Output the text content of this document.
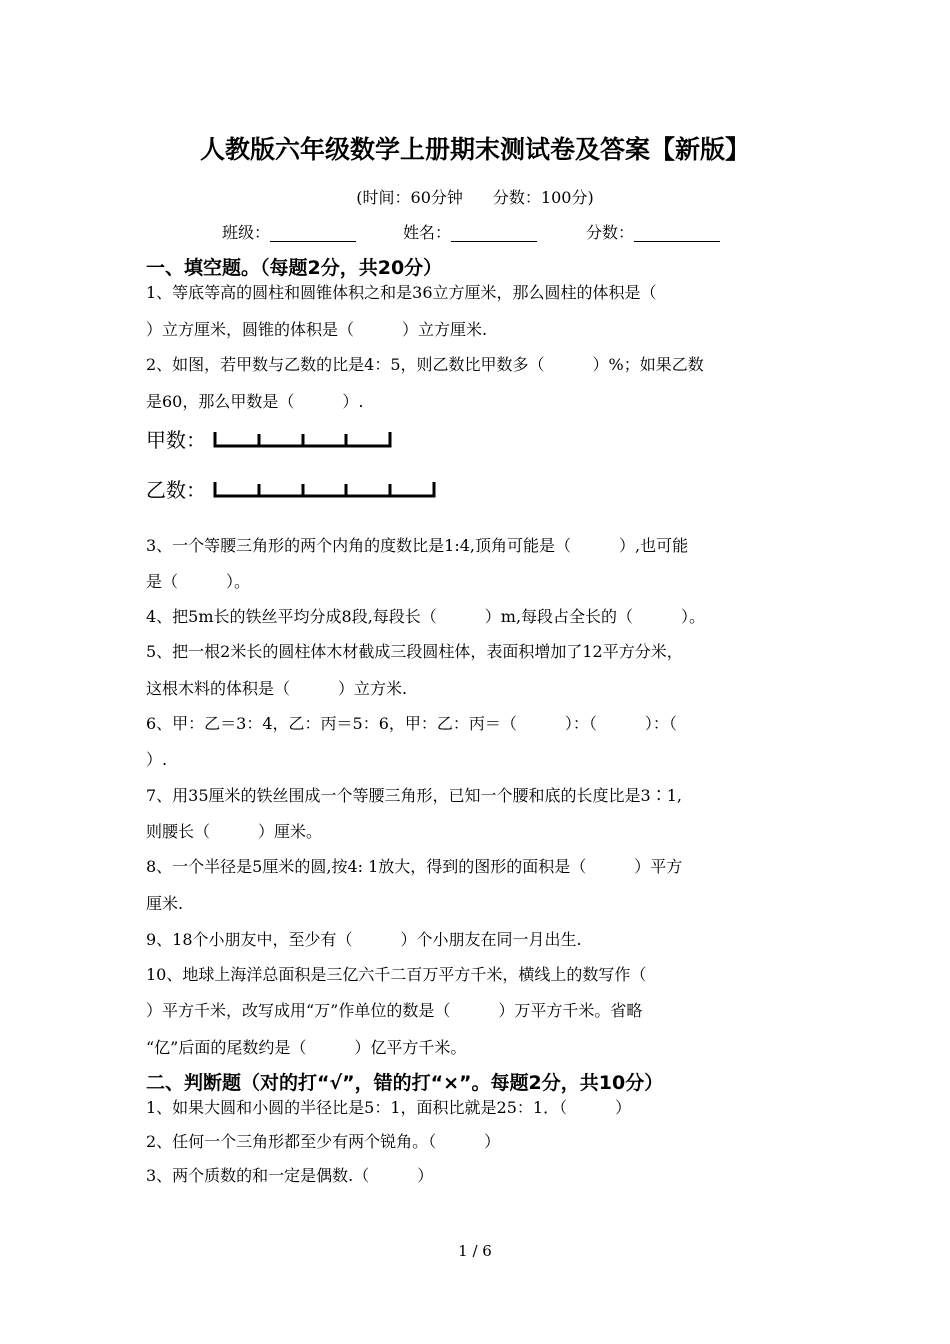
人教版六年级数学上册期末测试卷及答案【新版】
(时间：60分钟 分数：100分)
班级：	姓名：	分数：
一、填空题。（每题2分，共20分）
1、等底等高的圆柱和圆锥体积之和是36立方厘米，那么圆柱的体积是（
）立方厘米，圆锥的体积是（　　　）立方厘米.
2、如图，若甲数与乙数的比是4：5，则乙数比甲数多（　　　）%；如果乙数
是60，那么甲数是（　　　）.
甲数：
乙数：
3、一个等腰三角形的两个内角的度数比是1:4,顶角可能是（　　　）,也可能
是（　　　）。
4、把5m长的铁丝平均分成8段,每段长（　　　）m,每段占全长的（　　　）。
5、把一根2米长的圆柱体木材截成三段圆柱体，表面积增加了12平方分米，
这根木料的体积是（　　　）立方米.
6、甲：乙＝3：4，乙：丙＝5：6，甲：乙：丙＝（　　　）：（　　　）：（
）.
7、用35厘米的铁丝围成一个等腰三角形，已知一个腰和底的长度比是3∶1,
则腰长（　　　）厘米。
8、一个半径是5厘米的圆,按4: 1放大，得到的图形的面积是（　　　）平方
厘米.
9、18个小朋友中，至少有（　　　）个小朋友在同一月出生.
10、地球上海洋总面积是三亿六千二百万平方千米，横线上的数写作（
）平方千米，改写成用“万”作单位的数是（　　　）万平方千米。省略
“亿”后面的尾数约是（　　　）亿平方千米。
二、判断题（对的打“√”，错的打“×”。每题2分，共10分）
1、如果大圆和小圆的半径比是5：1，面积比就是25：1．（　　　）
2、任何一个三角形都至少有两个锐角。（　　　）
3、两个质数的和一定是偶数.（　　　）
1 / 6
